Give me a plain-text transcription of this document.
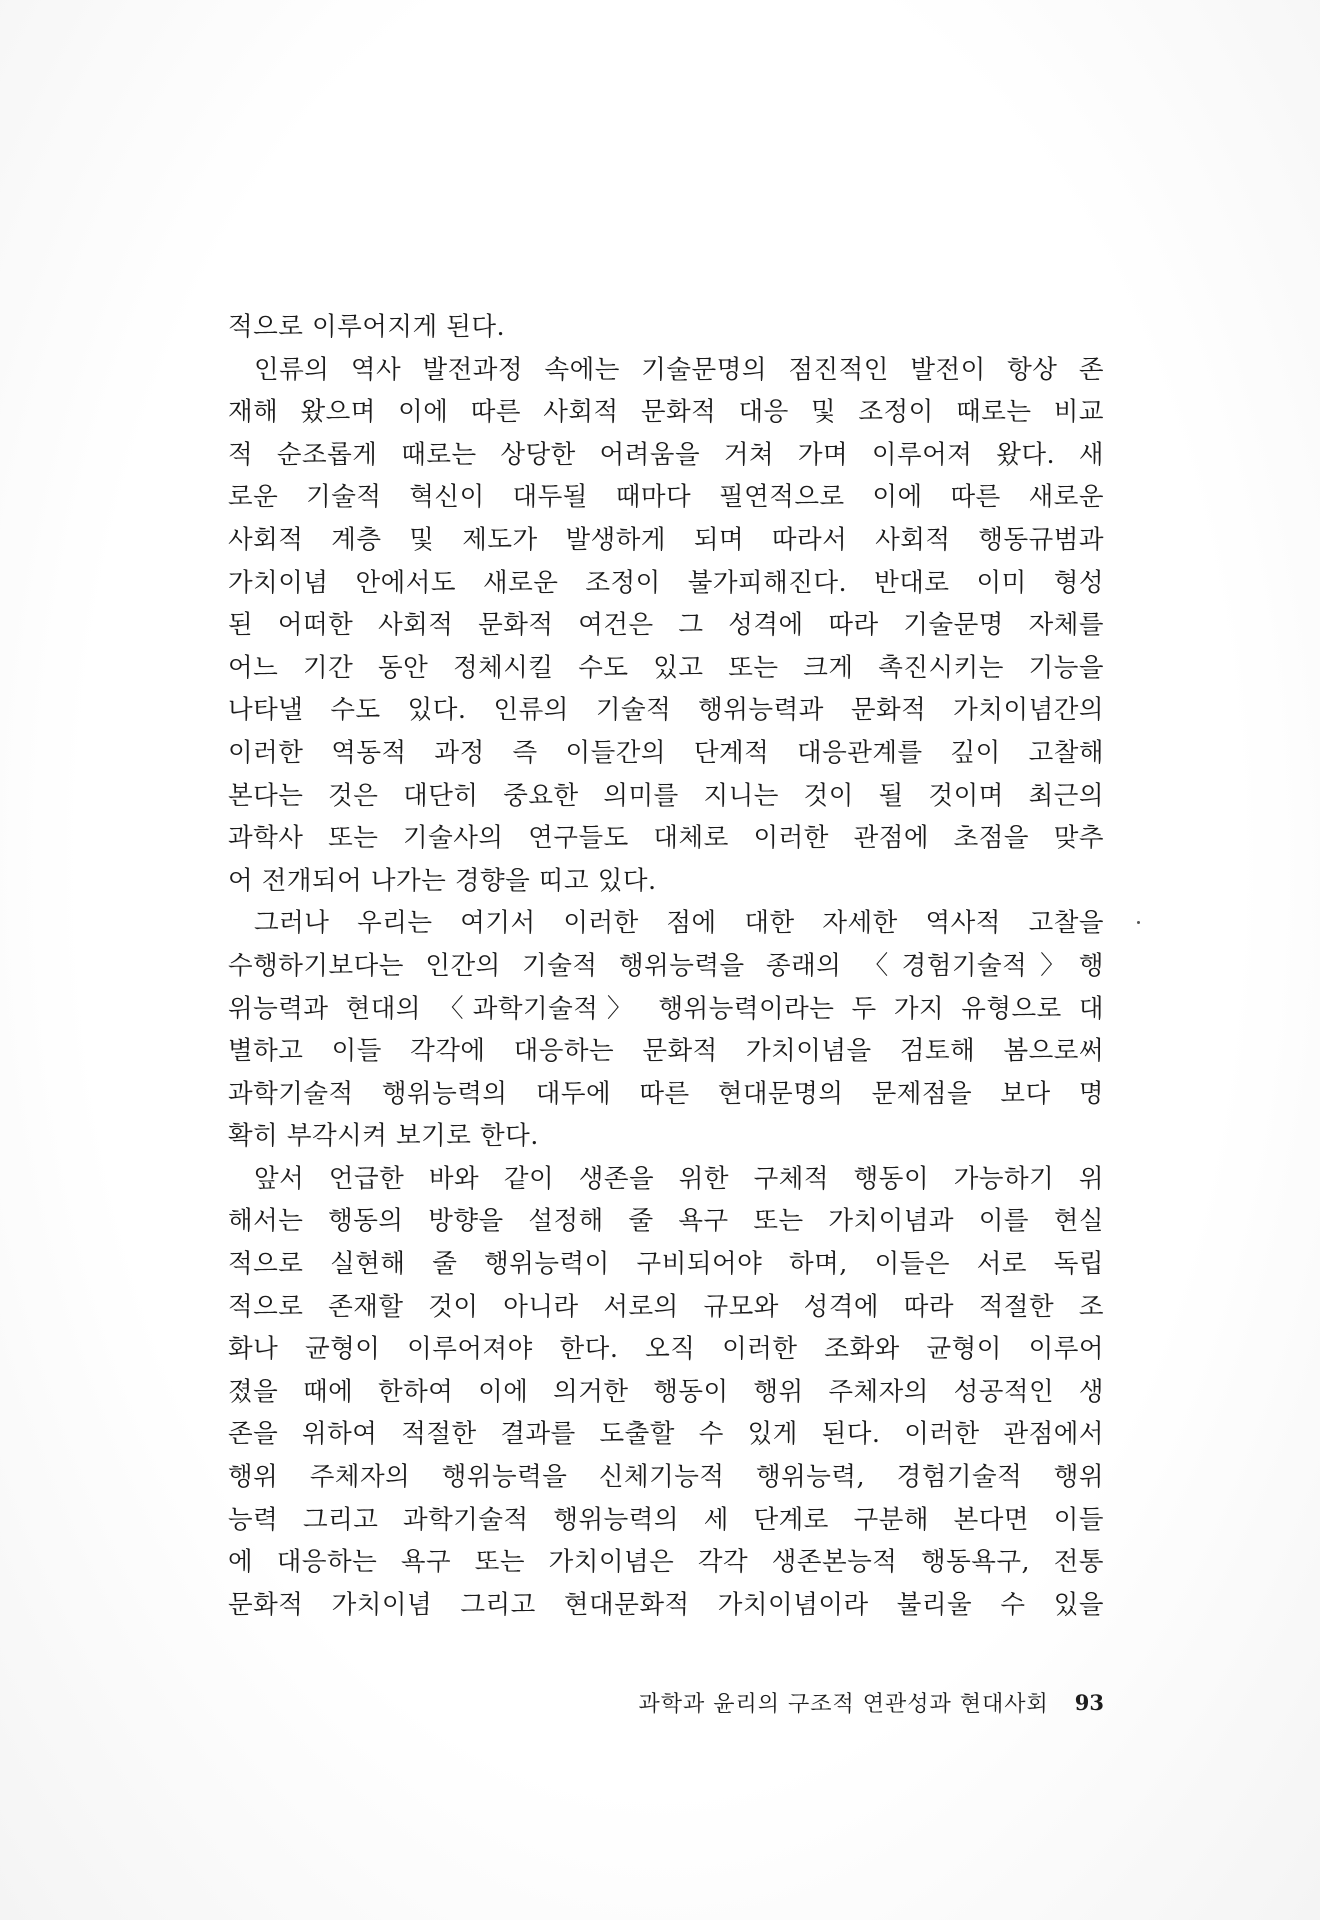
적으로 이루어지게 된다.
인류의 역사 발전과정 속에는 기술문명의 점진적인 발전이 항상 존
재해 왔으며 이에 따른 사회적 문화적 대응 및 조정이 때로는 비교
적 순조롭게 때로는 상당한 어려움을 거쳐 가며 이루어져 왔다. 새
로운 기술적 혁신이 대두될 때마다 필연적으로 이에 따른 새로운
사회적 계층 및 제도가 발생하게 되며 따라서 사회적 행동규범과
가치이념 안에서도 새로운 조정이 불가피해진다. 반대로 이미 형성
된 어떠한 사회적 문화적 여건은 그 성격에 따라 기술문명 자체를
어느 기간 동안 정체시킬 수도 있고 또는 크게 촉진시키는 기능을
나타낼 수도 있다. 인류의 기술적 행위능력과 문화적 가치이념간의
이러한 역동적 과정 즉 이들간의 단계적 대응관계를 깊이 고찰해
본다는 것은 대단히 중요한 의미를 지니는 것이 될 것이며 최근의
과학사 또는 기술사의 연구들도 대체로 이러한 관점에 초점을 맞추
어 전개되어 나가는 경향을 띠고 있다.
그러나 우리는 여기서 이러한 점에 대한 자세한 역사적 고찰을
수행하기보다는 인간의 기술적 행위능력을 종래의 〈경험기술적〉행
위능력과 현대의 〈과학기술적〉 행위능력이라는 두 가지 유형으로 대
별하고 이들 각각에 대응하는 문화적 가치이념을 검토해 봄으로써
과학기술적 행위능력의 대두에 따른 현대문명의 문제점을 보다 명
확히 부각시켜 보기로 한다.
앞서 언급한 바와 같이 생존을 위한 구체적 행동이 가능하기 위
해서는 행동의 방향을 설정해 줄 욕구 또는 가치이념과 이를 현실
적으로 실현해 줄 행위능력이 구비되어야 하며, 이들은 서로 독립
적으로 존재할 것이 아니라 서로의 규모와 성격에 따라 적절한 조
화나 균형이 이루어져야 한다. 오직 이러한 조화와 균형이 이루어
졌을 때에 한하여 이에 의거한 행동이 행위 주체자의 성공적인 생
존을 위하여 적절한 결과를 도출할 수 있게 된다. 이러한 관점에서
행위 주체자의 행위능력을 신체기능적 행위능력, 경험기술적 행위
능력 그리고 과학기술적 행위능력의 세 단계로 구분해 본다면 이들
에 대응하는 욕구 또는 가치이념은 각각 생존본능적 행동욕구, 전통
문화적 가치이념 그리고 현대문화적 가치이념이라 불리울 수 있을
과학과 윤리의 구조적 연관성과 현대사회 93
